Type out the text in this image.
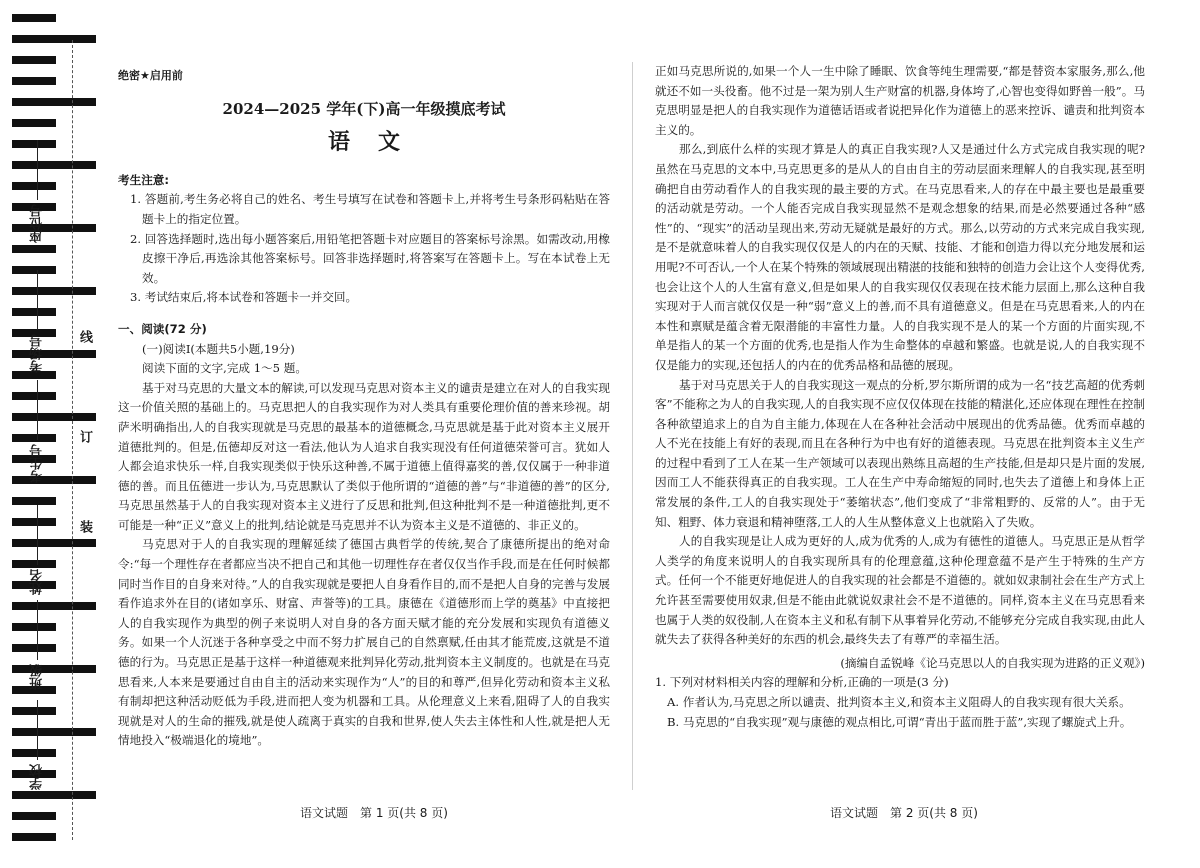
座位号
考场号
考生号
姓名
班级
学校
线
订
装
绝密★启用前
2024—2025 学年(下)高一年级摸底考试
语文

考生注意:

1. 答题前,考生务必将自己的姓名、考生号填写在试卷和答题卡上,并将考生号条形码粘贴在答题卡上的指定位置。

2. 回答选择题时,选出每小题答案后,用铅笔把答题卡对应题目的答案标号涂黑。如需改动,用橡皮擦干净后,再选涂其他答案标号。回答非选择题时,将答案写在答题卡上。写在本试卷上无效。

3. 考试结束后,将本试卷和答题卡一并交回。

一、阅读(72 分)

(一)阅读Ⅰ(本题共5小题,19分)

阅读下面的文字,完成 1～5 题。

基于对马克思的大量文本的解读,可以发现马克思对资本主义的谴责是建立在对人的自我实现这一价值关照的基础上的。马克思把人的自我实现作为对人类具有重要伦理价值的善来珍视。胡萨米明确指出,人的自我实现就是马克思的最基本的道德概念,马克思就是基于此对资本主义展开道德批判的。但是,伍德却反对这一看法,他认为人追求自我实现没有任何道德荣誉可言。犹如人人都会追求快乐一样,自我实现类似于快乐这种善,不属于道德上值得嘉奖的善,仅仅属于一种非道德的善。而且伍德进一步认为,马克思默认了类似于他所谓的“道德的善”与“非道德的善”的区分,马克思虽然基于人的自我实现对资本主义进行了反思和批判,但这种批判不是一种道德批判,更不可能是一种“正义”意义上的批判,结论就是马克思并不认为资本主义是不道德的、非正义的。

马克思对于人的自我实现的理解延续了德国古典哲学的传统,契合了康德所提出的绝对命令:“每一个理性存在者都应当决不把自己和其他一切理性存在者仅仅当作手段,而是在任何时候都同时当作目的自身来对待。”人的自我实现就是要把人自身看作目的,而不是把人自身的完善与发展看作追求外在目的(诸如享乐、财富、声誉等)的工具。康德在《道德形而上学的奠基》中直接把人的自我实现作为典型的例子来说明人对自身的各方面天赋才能的充分发展和实现负有道德义务。如果一个人沉迷于各种享受之中而不努力扩展自己的自然禀赋,任由其才能荒废,这就是不道德的行为。马克思正是基于这样一种道德观来批判异化劳动,批判资本主义制度的。也就是在马克思看来,人本来是要通过自由自主的活动来实现作为“人”的目的和尊严,但异化劳动和资本主义私有制却把这种活动贬低为手段,进而把人变为机器和工具。从伦理意义上来看,阻碍了人的自我实现就是对人的生命的摧残,就是使人疏离于真实的自我和世界,使人失去主体性和人性,就是把人无情地投入“极端退化的境地”。

正如马克思所说的,如果一个人一生中除了睡眠、饮食等纯生理需要,“都是替资本家服务,那么,他就还不如一头役畜。他不过是一架为别人生产财富的机器,身体垮了,心智也变得如野兽一般”。马克思明显是把人的自我实现作为道德话语或者说把异化作为道德上的恶来控诉、谴责和批判资本主义的。

那么,到底什么样的实现才算是人的真正自我实现?人又是通过什么方式完成自我实现的呢?虽然在马克思的文本中,马克思更多的是从人的自由自主的劳动层面来理解人的自我实现,甚至明确把自由劳动看作人的自我实现的最主要的方式。在马克思看来,人的存在中最主要也是最重要的活动就是劳动。一个人能否完成自我实现显然不是观念想象的结果,而是必然要通过各种“感性”的、“现实”的活动呈现出来,劳动无疑就是最好的方式。那么,以劳动的方式来完成自我实现,是不是就意味着人的自我实现仅仅是人的内在的天赋、技能、才能和创造力得以充分地发展和运用呢?不可否认,一个人在某个特殊的领域展现出精湛的技能和独特的创造力会让这个人变得优秀,也会让这个人的人生富有意义,但是如果人的自我实现仅仅表现在技术能力层面上,那么这种自我实现对于人而言就仅仅是一种“弱”意义上的善,而不具有道德意义。但是在马克思看来,人的内在本性和禀赋是蕴含着无限潜能的丰富性力量。人的自我实现不是人的某一个方面的片面实现,不单是指人的某一个方面的优秀,也是指人作为生命整体的卓越和繁盛。也就是说,人的自我实现不仅是能力的实现,还包括人的内在的优秀品格和品德的展现。

基于对马克思关于人的自我实现这一观点的分析,罗尔斯所谓的成为一名“技艺高超的优秀刺客”不能称之为人的自我实现,人的自我实现不应仅仅体现在技能的精湛化,还应体现在理性在控制各种欲望追求上的自为自主能力,体现在人在各种社会活动中展现出的优秀品德。优秀而卓越的人不光在技能上有好的表现,而且在各种行为中也有好的道德表现。马克思在批判资本主义生产的过程中看到了工人在某一生产领域可以表现出熟练且高超的生产技能,但是却只是片面的发展,因而工人不能获得真正的自我实现。工人在生产中寿命缩短的同时,也失去了道德上和身体上正常发展的条件,工人的自我实现处于“萎缩状态”,他们变成了“非常粗野的、反常的人”。由于无知、粗野、体力衰退和精神堕落,工人的人生从整体意义上也就陷入了失败。

人的自我实现是让人成为更好的人,成为优秀的人,成为有德性的道德人。马克思正是从哲学人类学的角度来说明人的自我实现所具有的伦理意蕴,这种伦理意蕴不是产生于特殊的生产方式。任何一个不能更好地促进人的自我实现的社会都是不道德的。就如奴隶制社会在生产方式上允许甚至需要使用奴隶,但是不能由此就说奴隶社会不是不道德的。同样,资本主义在马克思看来也属于人类的奴役制,人在资本主义和私有制下从事着异化劳动,不能够充分完成自我实现,由此人就失去了获得各种美好的东西的机会,最终失去了有尊严的幸福生活。

(摘编自孟锐峰《论马克思以人的自我实现为进路的正义观》)

1. 下列对材料相关内容的理解和分析,正确的一项是(3 分)

A. 作者认为,马克思之所以谴责、批判资本主义,和资本主义阻碍人的自我实现有很大关系。

B. 马克思的“自我实现”观与康德的观点相比,可谓“青出于蓝而胜于蓝”,实现了螺旋式上升。

语文试题　第 1 页(共 8 页)	语文试题　第 2 页(共 8 页)
